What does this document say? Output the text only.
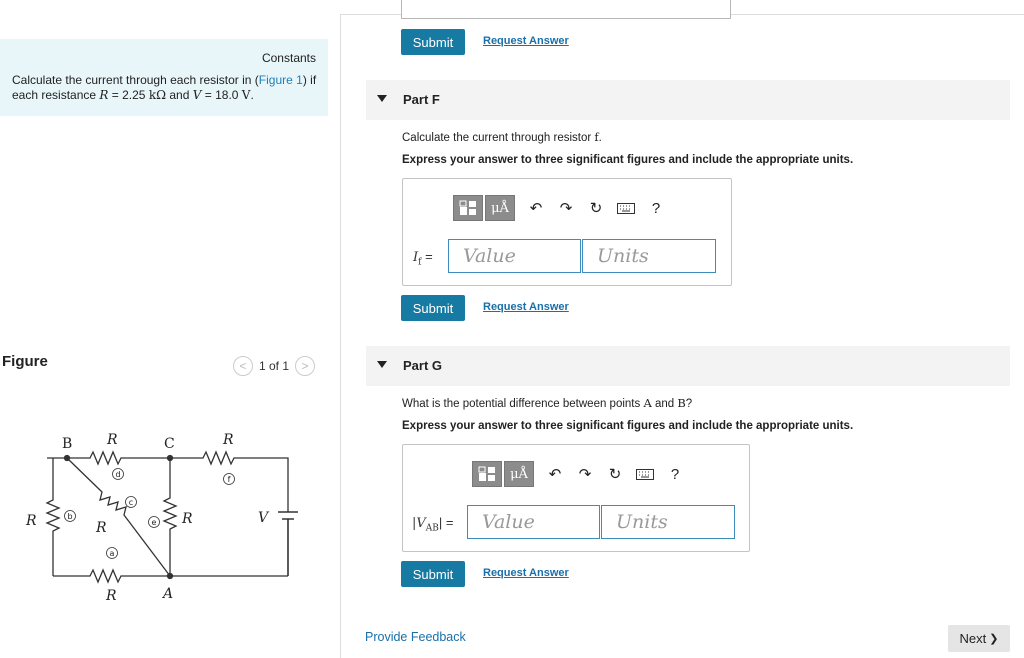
Constants
Calculate the current through each resistor in (Figure 1) if each resistance R = 2.25 kΩ and V = 18.0 V.
Figure	<	1 of 1	>
B	C
A
R	R
R	R
R
R
V
d
f
b
c
e
a
Submit	Request Answer
Part F
Calculate the current through resistor f.
Express your answer to three significant figures and include the appropriate units.
μÅ	↶	↷	↻	?
$I_f$ =	Value	Units
Submit	Request Answer
Part G
What is the potential difference between points A and B?
Express your answer to three significant figures and include the appropriate units.
μÅ	↶	↷	↻	?
$|V_{AB}|$ =	Value	Units
Submit	Request Answer
Provide Feedback	Next ❯
